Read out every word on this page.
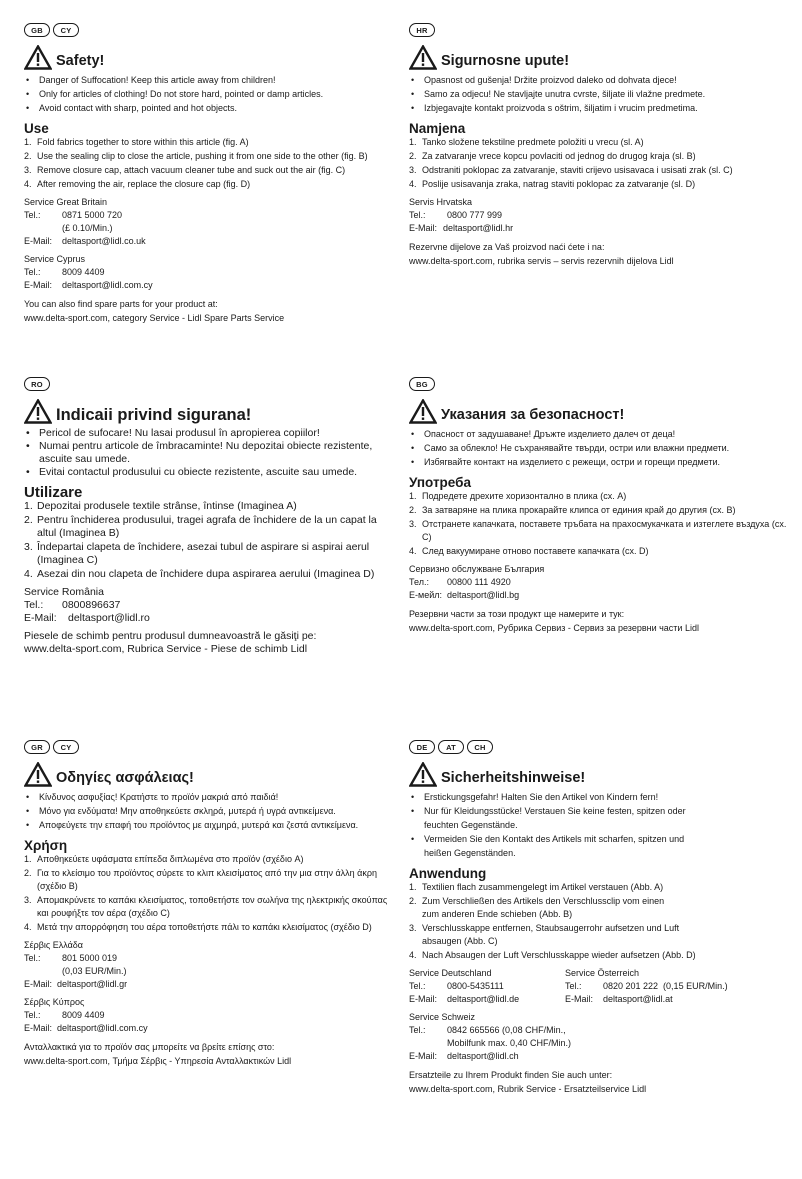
GB	CY
Safety!
• Danger of Suffocation! Keep this article away from children!
• Only for articles of clothing! Do not store hard, pointed or damp articles.
• Avoid contact with sharp, pointed and hot objects.
Use
1. Fold fabrics together to store within this article (fig. A)
2. Use the sealing clip to close the article, pushing it from one side to the other (fig. B)
3. Remove closure cap, attach vacuum cleaner tube and suck out the air (fig. C)
4. After removing the air, replace the closure cap (fig. D)
Service Great Britain
Tel.:	0871 5000 720
(£ 0.10/Min.)
E-Mail:	deltasport@lidl.co.uk
Service Cyprus
Tel.:	8009 4409
E-Mail:	deltasport@lidl.com.cy
You can also find spare parts for your product at:
www.delta-sport.com, category Service - Lidl Spare Parts Service
HR
Sigurnosne upute!
• Opasnost od gušenja! Držite proizvod daleko od dohvata djece!
• Samo za odjecu! Ne stavljajte unutra cvrste, šiljate ili vlažne predmete.
• Izbjegavajte kontakt proizvoda s oštrim, šiljatim i vrucim predmetima.
Namjena
1. Tanko složene tekstilne predmete položiti u vrecu (sl. A)
2. Za zatvaranje vrece kopcu povlaciti od jednog do drugog kraja (sl. B)
3. Odstraniti poklopac za zatvaranje, staviti crijevo usisavaca i usisati zrak (sl. C)
4. Poslije usisavanja zraka, natrag staviti poklopac za zatvaranje (sl. D)
Servis Hrvatska
Tel.:	0800 777 999
E-Mail: deltasport@lidl.hr
Rezervne dijelove za Vaš proizvod naći ćete i na:
www.delta-sport.com, rubrika servis – servis rezervnih dijelova Lidl
RO
Indicaii privind sigurana!
• Pericol de sufocare! Nu lasai produsul în apropierea copiilor!
• Numai pentru articole de îmbracaminte! Nu depozitai obiecte rezistente, ascuite sau umede.
• Evitai contactul produsului cu obiecte rezistente, ascuite sau umede.
Utilizare
1. Depozitai produsele textile strânse, întinse (Imaginea A)
2. Pentru închiderea produsului, tragei agrafa de închidere de la un capat la altul (Imaginea B)
3. Îndepartai clapeta de închidere, asezai tubul de aspirare si aspirai aerul (Imaginea C)
4. Asezai din nou clapeta de închidere dupa aspirarea aerului (Imaginea D)
Service România
Tel.:	0800896637
E-Mail:	deltasport@lidl.ro
Piesele de schimb pentru produsul dumneavoastră le găsiţi pe:
www.delta-sport.com, Rubrica Service - Piese de schimb Lidl
BG
Указания за безопасност!
• Опасност от задушаване! Дръжте изделието далеч от деца!
• Само за облекло! Не съхранявайте твърди, остри или влажни предмети.
• Избягвайте контакт на изделието с режещи, остри и горещи предмети.
Употреба
1. Подредете дрехите хоризонтално в плика (сх. A)
2. За затваряне на плика прокарайте клипса от единия край до другия (сх. B)
3. Отстранете капачката, поставете тръбата на прахосмукачката и изтеглете въздуха (сх. C)
4. След вакуумиране отново поставете капачката (сх. D)
Сервизно обслужване България
Тел.:	00800 111 4920
E-мейл: deltasport@lidl.bg
Резервни части за този продукт ще намерите и тук:
www.delta-sport.com, Рубрика Сервиз - Сервиз за резервни части Lidl
GR	CY
Οδηγίες ασφάλειας!
• Κίνδυνος ασφυξίας! Κρατήστε το προϊόν μακριά από παιδιά!
• Μόνο για ενδύματα! Μην αποθηκεύετε σκληρά, μυτερά ή υγρά αντικείμενα.
• Αποφεύγετε την επαφή του προϊόντος με αιχμηρά, μυτερά και ζεστά αντικείμενα.
Χρήση
1. Αποθηκεύετε υφάσματα επίπεδα διπλωμένα στο προϊόν (σχέδιο A)
2. Για το κλείσιμο του προϊόντος σύρετε το κλιπ κλεισίματος από την μια στην άλλη άκρη (σχέδιο B)
3. Απομακρύνετε το καπάκι κλεισίματος, τοποθετήστε τον σωλήνα της ηλεκτρικής σκούπας και ρουφήξτε τον αέρα (σχέδιο C)
4. Μετά την απορρόφηση του αέρα τοποθετήστε πάλι το καπάκι κλεισίματος (σχέδιο D)
Σέρβις Ελλάδα
Tel.:	801 5000 019
(0,03 EUR/Min.)
E-Mail: deltasport@lidl.gr
Σέρβις Κύπρος
Tel.:	8009 4409
E-Mail: deltasport@lidl.com.cy
Ανταλλακτικά για το προϊόν σας μπορείτε να βρείτε επίσης στο:
www.delta-sport.com, Τμήμα Σέρβις - Υπηρεσία Ανταλλακτικών Lidl
DE	AT	CH
Sicherheitshinweise!
• Erstickungsgefahr! Halten Sie den Artikel von Kindern fern!
• Nur für Kleidungsstücke! Verstauen Sie keine festen, spitzen oder feuchten Gegenstände.
• Vermeiden Sie den Kontakt des Artikels mit scharfen, spitzen und heißen Gegenständen.
Anwendung
1. Textilien flach zusammengelegt im Artikel verstauen (Abb. A)
2. Zum Verschließen des Artikels den Verschlussclip vom einen zum anderen Ende schieben (Abb. B)
3. Verschlusskappe entfernen, Staubsaugerrohr aufsetzen und Luft absaugen (Abb. C)
4. Nach Absaugen der Luft Verschlusskappe wieder aufsetzen (Abb. D)
Service Deutschland
Tel.:	0800-5435111
E-Mail:	deltasport@lidl.de
Service Österreich
Tel.:	0820 201 222  (0,15 EUR/Min.)
E-Mail:	deltasport@lidl.at
Service Schweiz
Tel.:	0842 665566 (0,08 CHF/Min.,
Mobilfunk max. 0,40 CHF/Min.)
E-Mail:	deltasport@lidl.ch
Ersatzteile zu Ihrem Produkt finden Sie auch unter:
www.delta-sport.com, Rubrik Service - Ersatzteilservice Lidl
